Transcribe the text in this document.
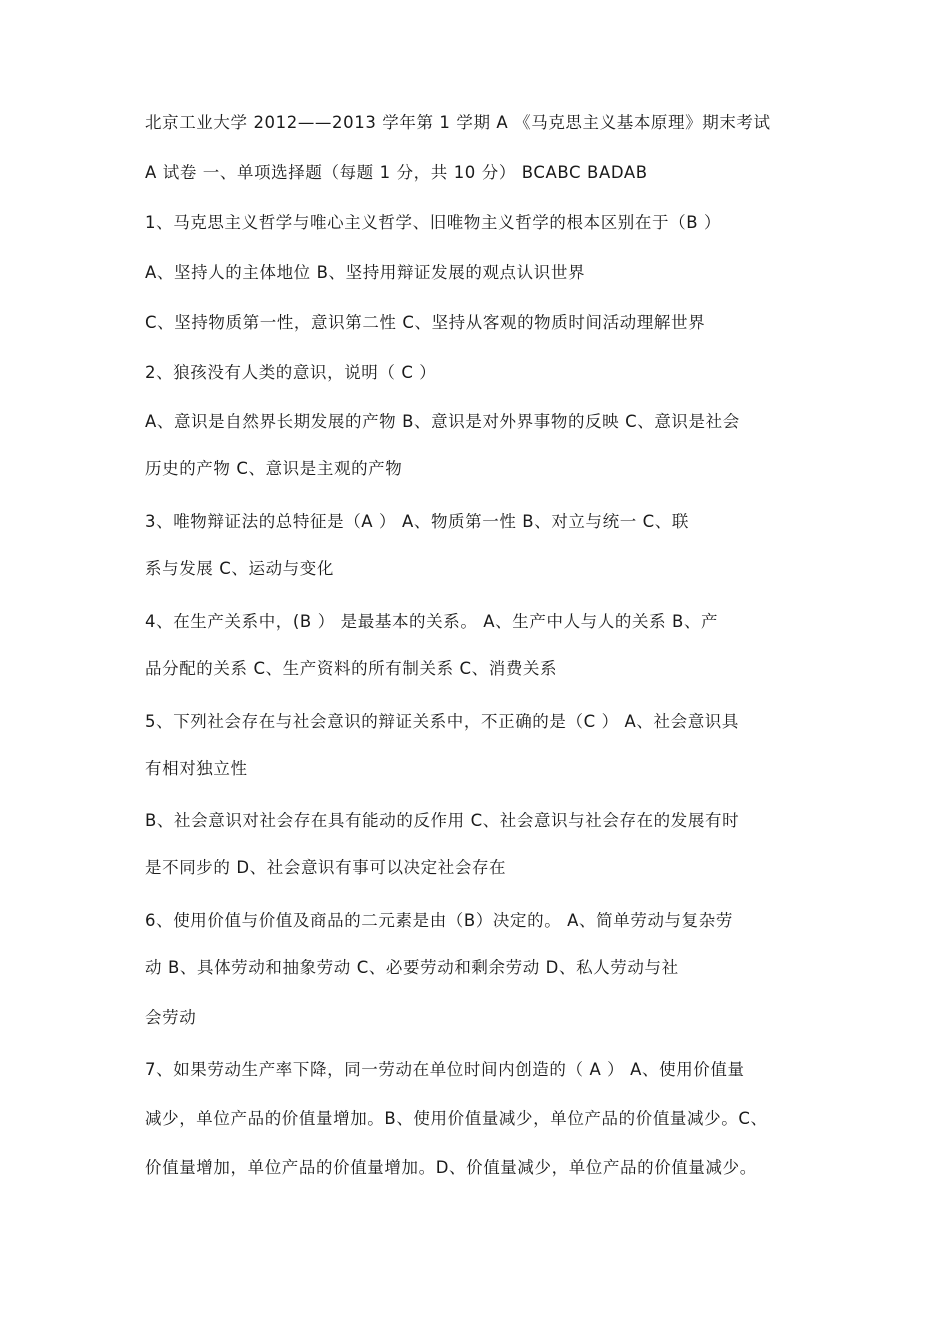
北京工业大学 2012——2013 学年第 1 学期 A 《马克思主义基本原理》期末考试
A 试卷 一、单项选择题（每题 1 分，共 10 分） BCABC BADAB
1、马克思主义哲学与唯心主义哲学、旧唯物主义哲学的根本区别在于（B ）
A、坚持人的主体地位 B、坚持用辩证发展的观点认识世界
C、坚持物质第一性，意识第二性 C、坚持从客观的物质时间活动理解世界
2、狼孩没有人类的意识，说明（ C ）
A、意识是自然界长期发展的产物 B、意识是对外界事物的反映 C、意识是社会
历史的产物 C、意识是主观的产物
3、唯物辩证法的总特征是（A ） A、物质第一性 B、对立与统一 C、联
系与发展 C、运动与变化
4、在生产关系中，(B ） 是最基本的关系。 A、生产中人与人的关系 B、产
品分配的关系 C、生产资料的所有制关系 C、消费关系
5、下列社会存在与社会意识的辩证关系中，不正确的是（C ） A、社会意识具
有相对独立性
B、社会意识对社会存在具有能动的反作用 C、社会意识与社会存在的发展有时
是不同步的 D、社会意识有事可以决定社会存在
6、使用价值与价值及商品的二元素是由（B）决定的。 A、简单劳动与复杂劳
动 B、具体劳动和抽象劳动 C、必要劳动和剩余劳动 D、私人劳动与社
会劳动
7、如果劳动生产率下降，同一劳动在单位时间内创造的（ A ） A、使用价值量
减少，单位产品的价值量增加。B、使用价值量减少，单位产品的价值量减少。C、
价值量增加，单位产品的价值量增加。D、价值量减少，单位产品的价值量减少。
